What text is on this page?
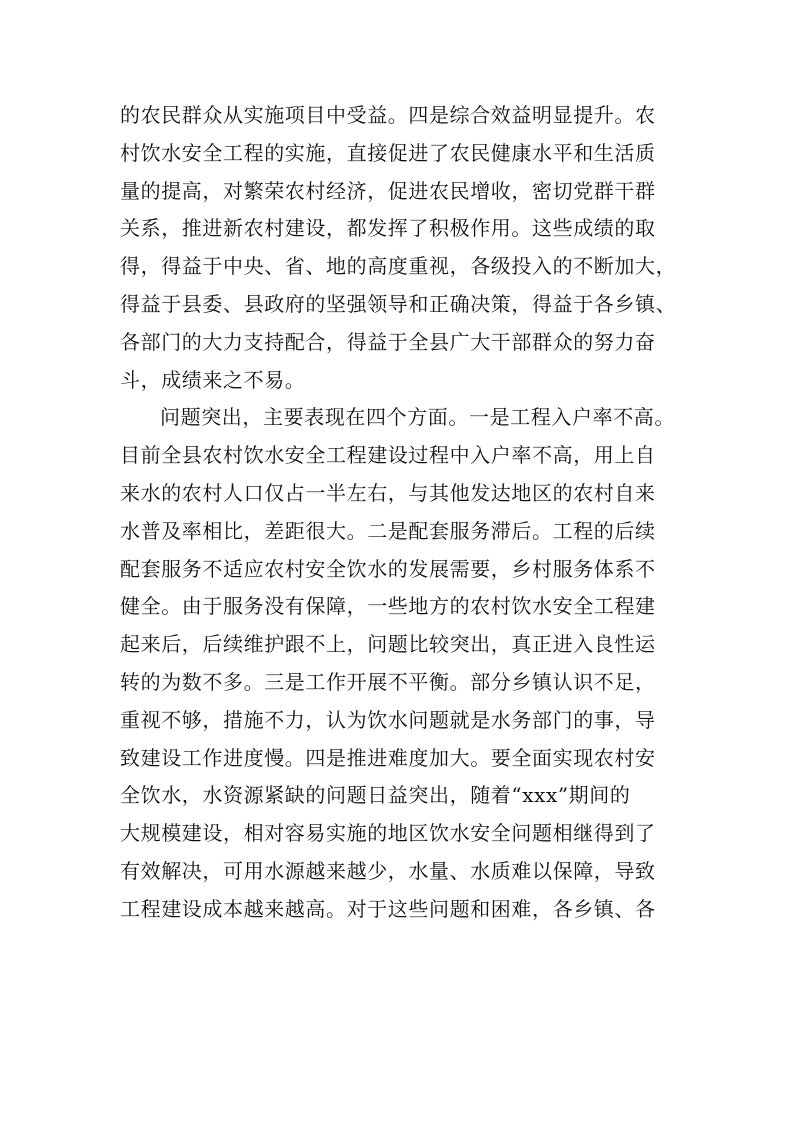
的农民群众从实施项目中受益。四是综合效益明显提升。农
村饮水安全工程的实施，直接促进了农民健康水平和生活质
量的提高，对繁荣农村经济，促进农民增收，密切党群干群
关系，推进新农村建设，都发挥了积极作用。这些成绩的取
得，得益于中央、省、地的高度重视，各级投入的不断加大，
得益于县委、县政府的坚强领导和正确决策，得益于各乡镇、
各部门的大力支持配合，得益于全县广大干部群众的努力奋
斗，成绩来之不易。
问题突出，主要表现在四个方面。一是工程入户率不高。
目前全县农村饮水安全工程建设过程中入户率不高，用上自
来水的农村人口仅占一半左右，与其他发达地区的农村自来
水普及率相比，差距很大。二是配套服务滞后。工程的后续
配套服务不适应农村安全饮水的发展需要，乡村服务体系不
健全。由于服务没有保障，一些地方的农村饮水安全工程建
起来后，后续维护跟不上，问题比较突出，真正进入良性运
转的为数不多。三是工作开展不平衡。部分乡镇认识不足，
重视不够，措施不力，认为饮水问题就是水务部门的事，导
致建设工作进度慢。四是推进难度加大。要全面实现农村安
全饮水，水资源紧缺的问题日益突出，随着“xxx”期间的
大规模建设，相对容易实施的地区饮水安全问题相继得到了
有效解决，可用水源越来越少，水量、水质难以保障，导致
工程建设成本越来越高。对于这些问题和困难，各乡镇、各
